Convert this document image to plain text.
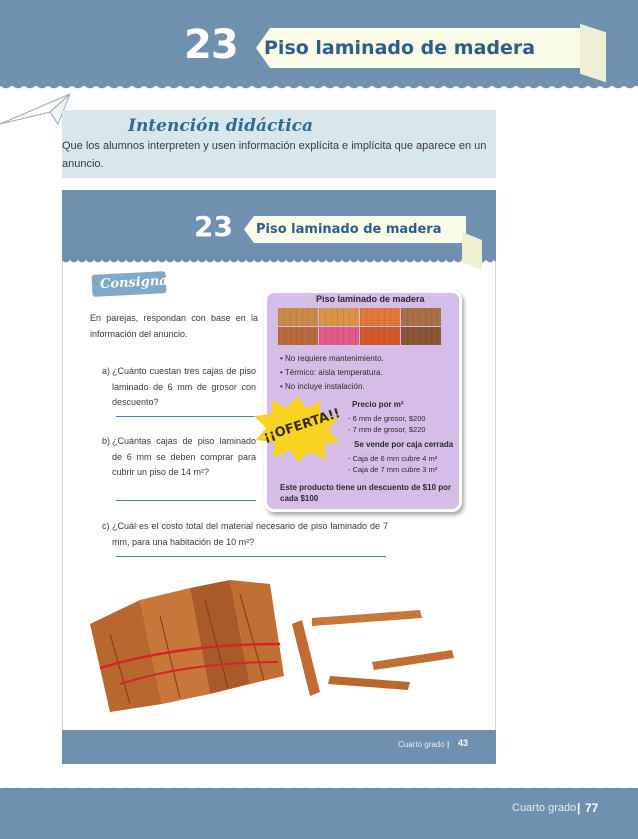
23 Piso laminado de madera
Intención didáctica
Que los alumnos interpreten y usen información explícita e implícita que aparece en un anuncio.
23 Piso laminado de madera
Consigna 1
En parejas, respondan con base en la información del anuncio.
a) ¿Cuánto cuestan tres cajas de piso laminado de 6 mm de grosor con descuento?
b) ¿Cuántas cajas de piso laminado de 6 mm se deben comprar para cubrir un piso de 14 m²?
c) ¿Cuál es el costo total del material necesario de piso laminado de 7 mm, para una habitación de 10 m²?
Piso laminado de madera
• No requiere mantenimiento.
• Térmico: aísla temperatura.
• No incluye instalación.
Precio por m²
- 6 mm de grosor, $200
- 7 mm de grosor, $220
Se vende por caja cerrada
- Caja de 6 mm cubre 4 m²
- Caja de 7 mm cubre 3 m²
¡¡OFERTA!!
Este producto tiene un descuento de $10 por cada $100
Cuarto grado | 43
Cuarto grado | 77
